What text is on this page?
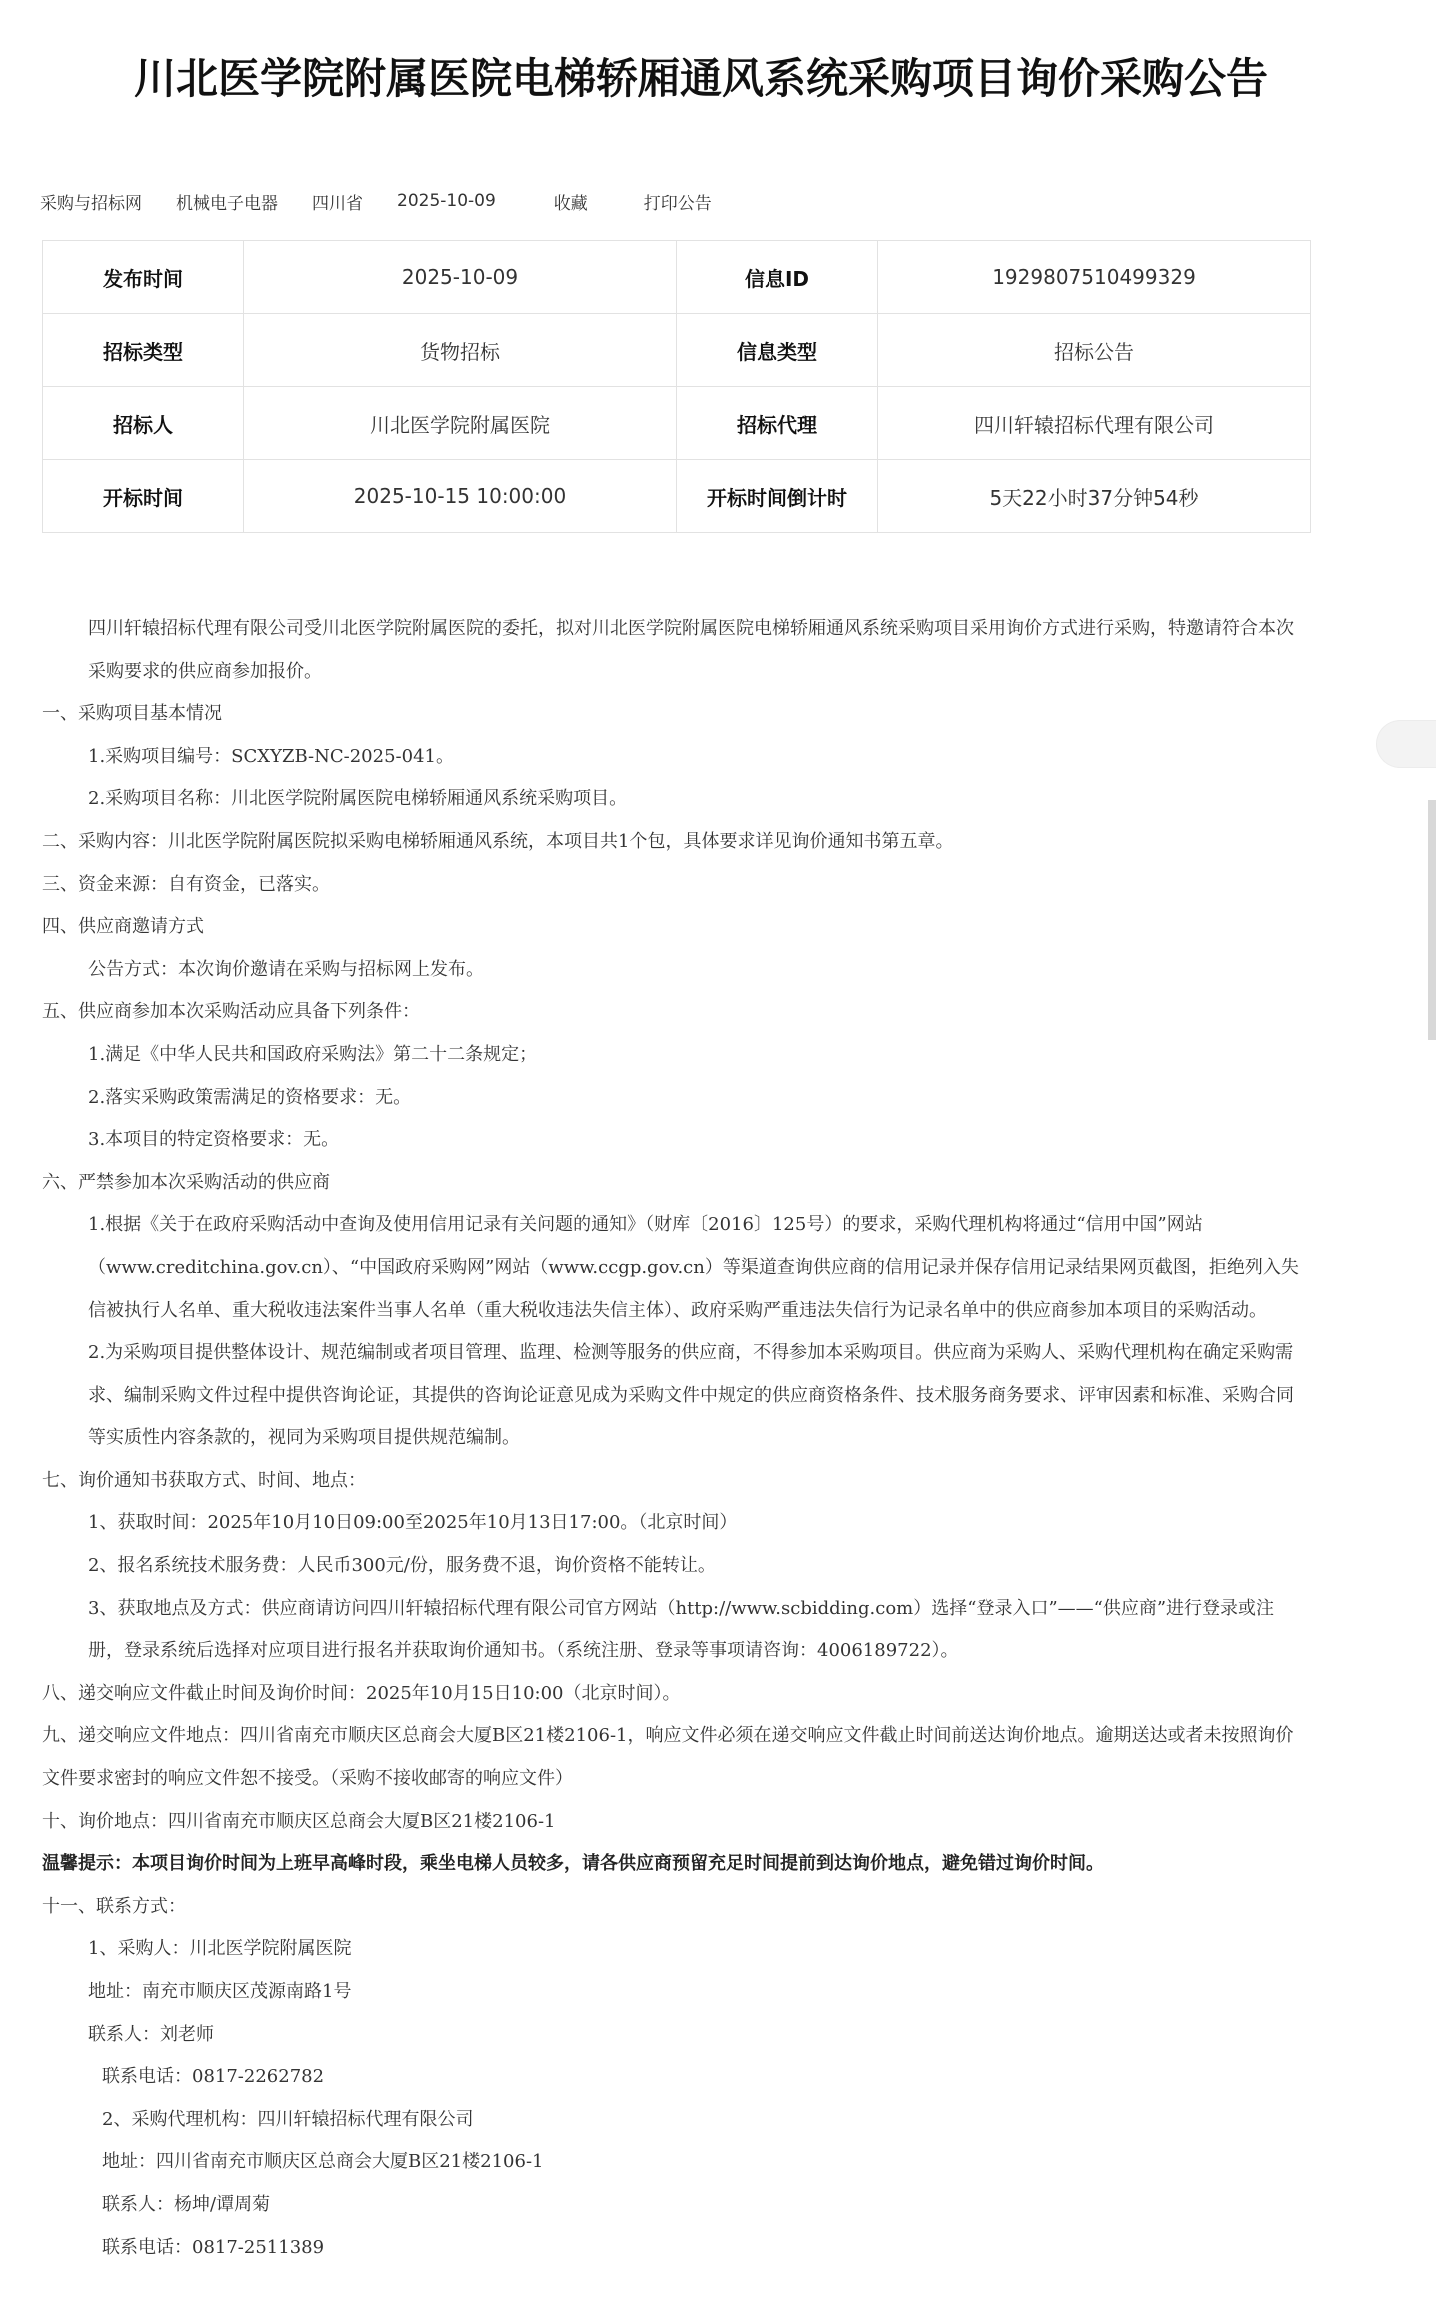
川北医学院附属医院电梯轿厢通风系统采购项目询价采购公告
采购与招标网 机械电子电器 四川省 2025-10-09	收藏	打印公告
发布时间	2025-10-09	信息ID	1929807510499329
招标类型	货物招标	信息类型	招标公告
招标人	川北医学院附属医院	招标代理	四川轩辕招标代理有限公司
开标时间	2025-10-15 10:00:00	开标时间倒计时	5天22小时37分钟54秒

四川轩辕招标代理有限公司受川北医学院附属医院的委托，拟对川北医学院附属医院电梯轿厢通风系统采购项目采用询价方式进行采购，特邀请符合本次采购要求的供应商参加报价。

一、采购项目基本情况

1.采购项目编号：SCXYZB-NC-2025-041。

2.采购项目名称：川北医学院附属医院电梯轿厢通风系统采购项目。

二、采购内容：川北医学院附属医院拟采购电梯轿厢通风系统，本项目共1个包，具体要求详见询价通知书第五章。

三、资金来源：自有资金，已落实。

四、供应商邀请方式

公告方式：本次询价邀请在采购与招标网上发布。

五、供应商参加本次采购活动应具备下列条件：

1.满足《中华人民共和国政府采购法》第二十二条规定；

2.落实采购政策需满足的资格要求：无。

3.本项目的特定资格要求：无。

六、严禁参加本次采购活动的供应商

1.根据《关于在政府采购活动中查询及使用信用记录有关问题的通知》（财库〔2016〕125号）的要求，采购代理机构将通过“信用中国”网站（www.creditchina.gov.cn）、“中国政府采购网”网站（www.ccgp.gov.cn）等渠道查询供应商的信用记录并保存信用记录结果网页截图，拒绝列入失信被执行人名单、重大税收违法案件当事人名单（重大税收违法失信主体）、政府采购严重违法失信行为记录名单中的供应商参加本项目的采购活动。

2.为采购项目提供整体设计、规范编制或者项目管理、监理、检测等服务的供应商，不得参加本采购项目。供应商为采购人、采购代理机构在确定采购需求、编制采购文件过程中提供咨询论证，其提供的咨询论证意见成为采购文件中规定的供应商资格条件、技术服务商务要求、评审因素和标准、采购合同等实质性内容条款的，视同为采购项目提供规范编制。

七、询价通知书获取方式、时间、地点：

1、获取时间：2025年10月10日09:00至2025年10月13日17:00。（北京时间）

2、报名系统技术服务费：人民币300元/份，服务费不退，询价资格不能转让。

3、获取地点及方式：供应商请访问四川轩辕招标代理有限公司官方网站（http://www.scbidding.com）选择“登录入口”——“供应商”进行登录或注册，登录系统后选择对应项目进行报名并获取询价通知书。（系统注册、登录等事项请咨询：4006189722）。

八、递交响应文件截止时间及询价时间：2025年10月15日10:00（北京时间）。

九、递交响应文件地点：四川省南充市顺庆区总商会大厦B区21楼2106-1，响应文件必须在递交响应文件截止时间前送达询价地点。逾期送达或者未按照询价文件要求密封的响应文件恕不接受。（采购不接收邮寄的响应文件）

十、询价地点：四川省南充市顺庆区总商会大厦B区21楼2106-1

温馨提示：本项目询价时间为上班早高峰时段，乘坐电梯人员较多，请各供应商预留充足时间提前到达询价地点，避免错过询价时间。

十一、联系方式：

1、采购人：川北医学院附属医院

地址：南充市顺庆区茂源南路1号

联系人：刘老师

联系电话：0817-2262782

2、采购代理机构：四川轩辕招标代理有限公司

地址：四川省南充市顺庆区总商会大厦B区21楼2106-1

联系人：杨坤/谭周菊

联系电话：0817-2511389
